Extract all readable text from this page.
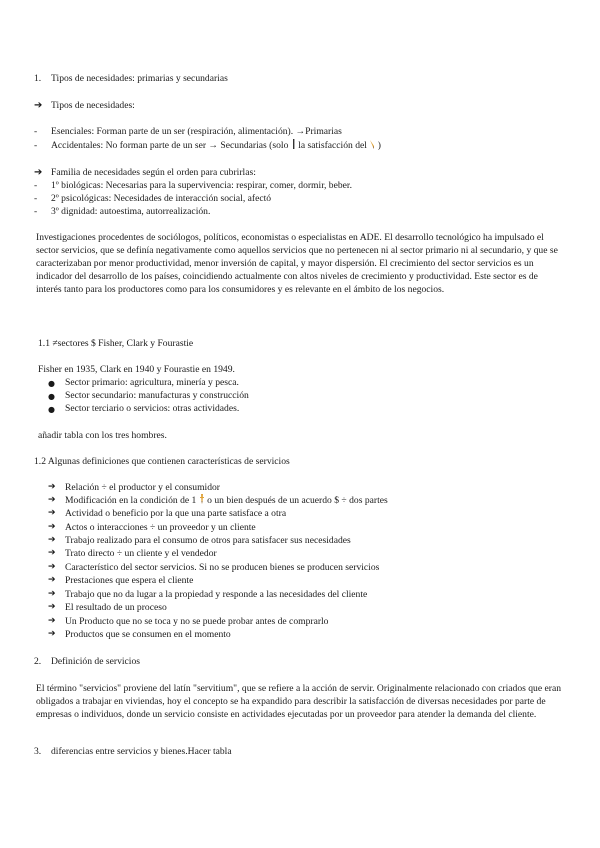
1. Tipos de necesidades: primarias y secundarias
➔ Tipos de necesidades:
- Esenciales: Forman parte de un ser (respiración, alimentación). →Primarias
- Accidentales: No forman parte de un ser → Secundarias (solo la satisfacción del )
➔ Familia de necesidades según el orden para cubrirlas:
- 1º biológicas: Necesarias para la supervivencia: respirar, comer, dormir, beber.
- 2º psicológicas: Necesidades de interacción social, afectó
- 3º dignidad: autoestima, autorrealización.
Investigaciones procedentes de sociólogos, políticos, economistas o especialistas en ADE. El desarrollo tecnológico ha impulsado el sector servicios, que se definía negativamente como aquellos servicios que no pertenecen ni al sector primario ni al secundario, y que se caracterizaban por menor productividad, menor inversión de capital, y mayor dispersión. El crecimiento del sector servicios es un indicador del desarrollo de los países, coincidiendo actualmente con altos niveles de crecimiento y productividad. Este sector es de interés tanto para los productores como para los consumidores y es relevante en el ámbito de los negocios.
1.1 ≠sectores $ Fisher, Clark y Fourastie
Fisher en 1935, Clark en 1940 y Fourastie en 1949.
● Sector primario: agricultura, minería y pesca.
● Sector secundario: manufacturas y construcción
● Sector terciario o servicios: otras actividades.
añadir tabla con los tres hombres.
1.2 Algunas definiciones que contienen características de servicios
➔ Relación ÷ el productor y el consumidor
➔ Modificación en la condición de 1 o un bien después de un acuerdo $ ÷ dos partes
➔ Actividad o beneficio por la que una parte satisface a otra
➔ Actos o interacciones ÷ un proveedor y un cliente
➔ Trabajo realizado para el consumo de otros para satisfacer sus necesidades
➔ Trato directo ÷ un cliente y el vendedor
➔ Característico del sector servicios. Si no se producen bienes se producen servicios
➔ Prestaciones que espera el cliente
➔ Trabajo que no da lugar a la propiedad y responde a las necesidades del cliente
➔ El resultado de un proceso
➔ Un Producto que no se toca y no se puede probar antes de comprarlo
➔ Productos que se consumen en el momento
2. Definición de servicios
El término "servicios" proviene del latín "servitium", que se refiere a la acción de servir. Originalmente relacionado con criados que eran obligados a trabajar en viviendas, hoy el concepto se ha expandido para describir la satisfacción de diversas necesidades por parte de empresas o individuos, donde un servicio consiste en actividades ejecutadas por un proveedor para atender la demanda del cliente.
3. diferencias entre servicios y bienes.Hacer tabla
